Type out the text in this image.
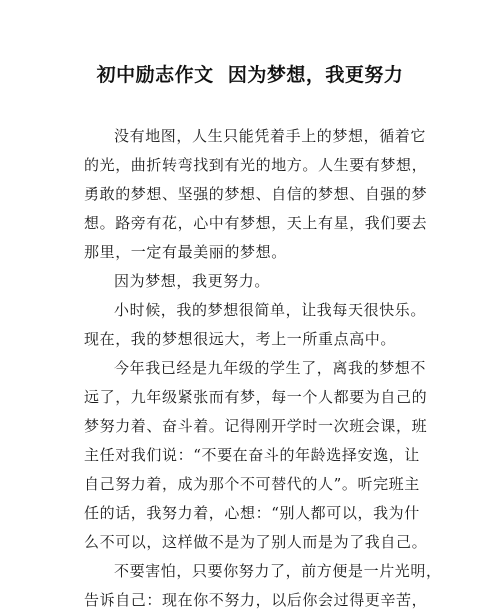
初中励志作文  因为梦想，我更努力
没有地图，人生只能凭着手上的梦想，循着它
的光，曲折转弯找到有光的地方。人生要有梦想，
勇敢的梦想、坚强的梦想、自信的梦想、自强的梦
想。路旁有花，心中有梦想，天上有星，我们要去
那里，一定有最美丽的梦想。
因为梦想，我更努力。
小时候，我的梦想很简单，让我每天很快乐。
现在，我的梦想很远大，考上一所重点高中。
今年我已经是九年级的学生了，离我的梦想不
远了，九年级紧张而有梦，每一个人都要为自己的
梦努力着、奋斗着。记得刚开学时一次班会课，班
主任对我们说：“不要在奋斗的年龄选择安逸，让
自己努力着，成为那个不可替代的人”。听完班主
任的话，我努力着，心想：“别人都可以，我为什
么不可以，这样做不是为了别人而是为了我自己。
不要害怕，只要你努力了，前方便是一片光明，
告诉自己：现在你不努力，以后你会过得更辛苦，
